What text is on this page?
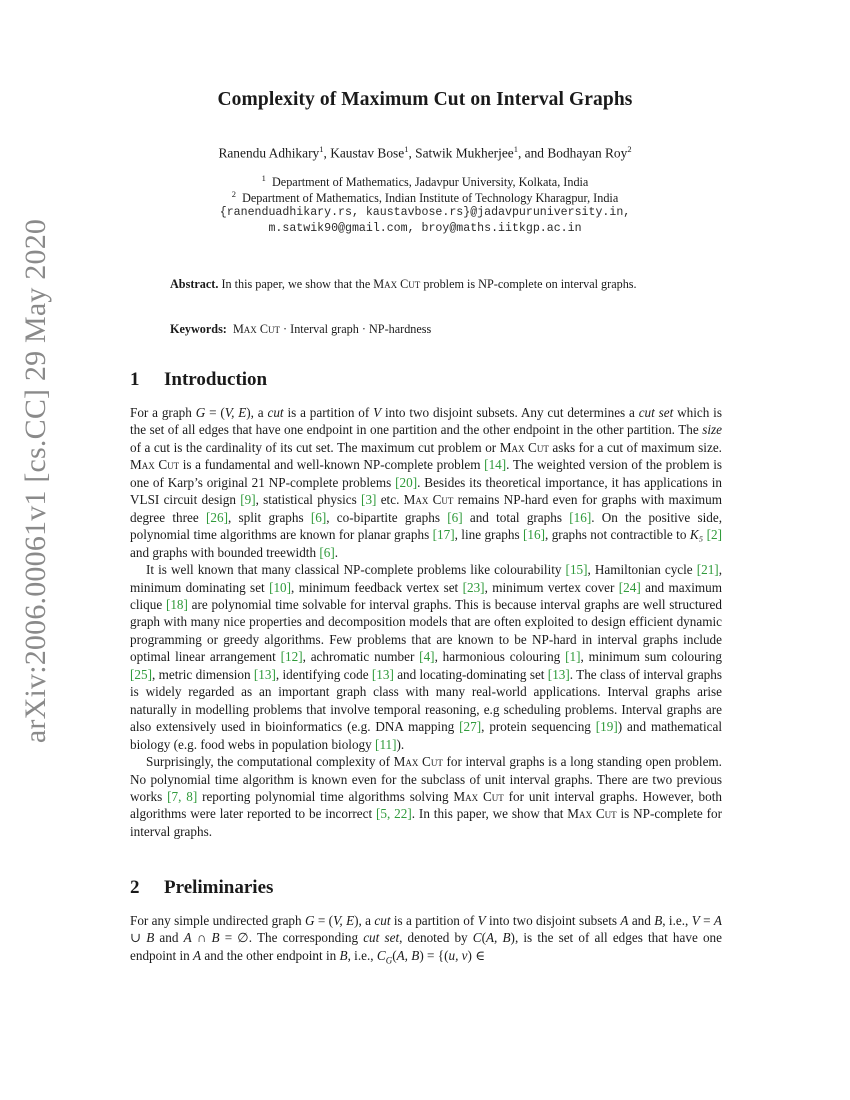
arXiv:2006.00061v1 [cs.CC] 29 May 2020
Complexity of Maximum Cut on Interval Graphs
Ranendu Adhikary$^1$, Kaustav Bose$^1$, Satwik Mukherjee$^1$, and Bodhayan Roy$^2$
$^1$ Department of Mathematics, Jadavpur University, Kolkata, India
$^2$ Department of Mathematics, Indian Institute of Technology Kharagpur, India
{ranenduadhikary.rs, kaustavbose.rs}@jadavpuruniversity.in,
m.satwik90@gmail.com, broy@maths.iitkgp.ac.in
Abstract. In this paper, we show that the Max Cut problem is NP-complete on interval graphs.
Keywords: Max Cut · Interval graph · NP-hardness
1 Introduction

For a graph G = (V, E), a cut is a partition of V into two disjoint subsets. Any cut determines a cut set which is the set of all edges that have one endpoint in one partition and the other endpoint in the other partition. The size of a cut is the cardinality of its cut set. The maximum cut problem or Max Cut asks for a cut of maximum size. Max Cut is a fundamental and well-known NP-complete problem [14]. The weighted version of the problem is one of Karp’s original 21 NP-complete problems [20]. Besides its theoretical importance, it has applications in VLSI circuit design [9], statistical physics [3] etc. Max Cut remains NP-hard even for graphs with maximum degree three [26], split graphs [6], co-bipartite graphs [6] and total graphs [16]. On the positive side, polynomial time algorithms are known for planar graphs [17], line graphs [16], graphs not contractible to K₅ [2] and graphs with bounded treewidth [6].

It is well known that many classical NP-complete problems like colourability [15], Hamiltonian cycle [21], minimum dominating set [10], minimum feedback vertex set [23], minimum vertex cover [24] and maximum clique [18] are polynomial time solvable for interval graphs. This is because interval graphs are well structured graph with many nice properties and decomposition models that are often exploited to design efficient dynamic programming or greedy algorithms. Few problems that are known to be NP-hard in interval graphs include optimal linear arrangement [12], achromatic number [4], harmonious colouring [1], minimum sum colouring [25], metric dimension [13], identifying code [13] and locating-dominating set [13]. The class of interval graphs is widely regarded as an important graph class with many real-world applications. Interval graphs arise naturally in modelling problems that involve temporal reasoning, e.g scheduling problems. Interval graphs are also extensively used in bioinformatics (e.g. DNA mapping [27], protein sequencing [19]) and mathematical biology (e.g. food webs in population biology [11]).

Surprisingly, the computational complexity of Max Cut for interval graphs is a long standing open problem. No polynomial time algorithm is known even for the subclass of unit interval graphs. There are two previous works [7, 8] reporting polynomial time algorithms solving Max Cut for unit interval graphs. However, both algorithms were later reported to be incorrect [5, 22]. In this paper, we show that Max Cut is NP-complete for interval graphs.

2 Preliminaries

For any simple undirected graph G = (V, E), a cut is a partition of V into two disjoint subsets A and B, i.e., V = A ∪ B and A ∩ B = ∅. The corresponding cut set, denoted by C(A, B), is the set of all edges that have one endpoint in A and the other endpoint in B, i.e., $C_G(A$, B) = {(u, v) ∈
